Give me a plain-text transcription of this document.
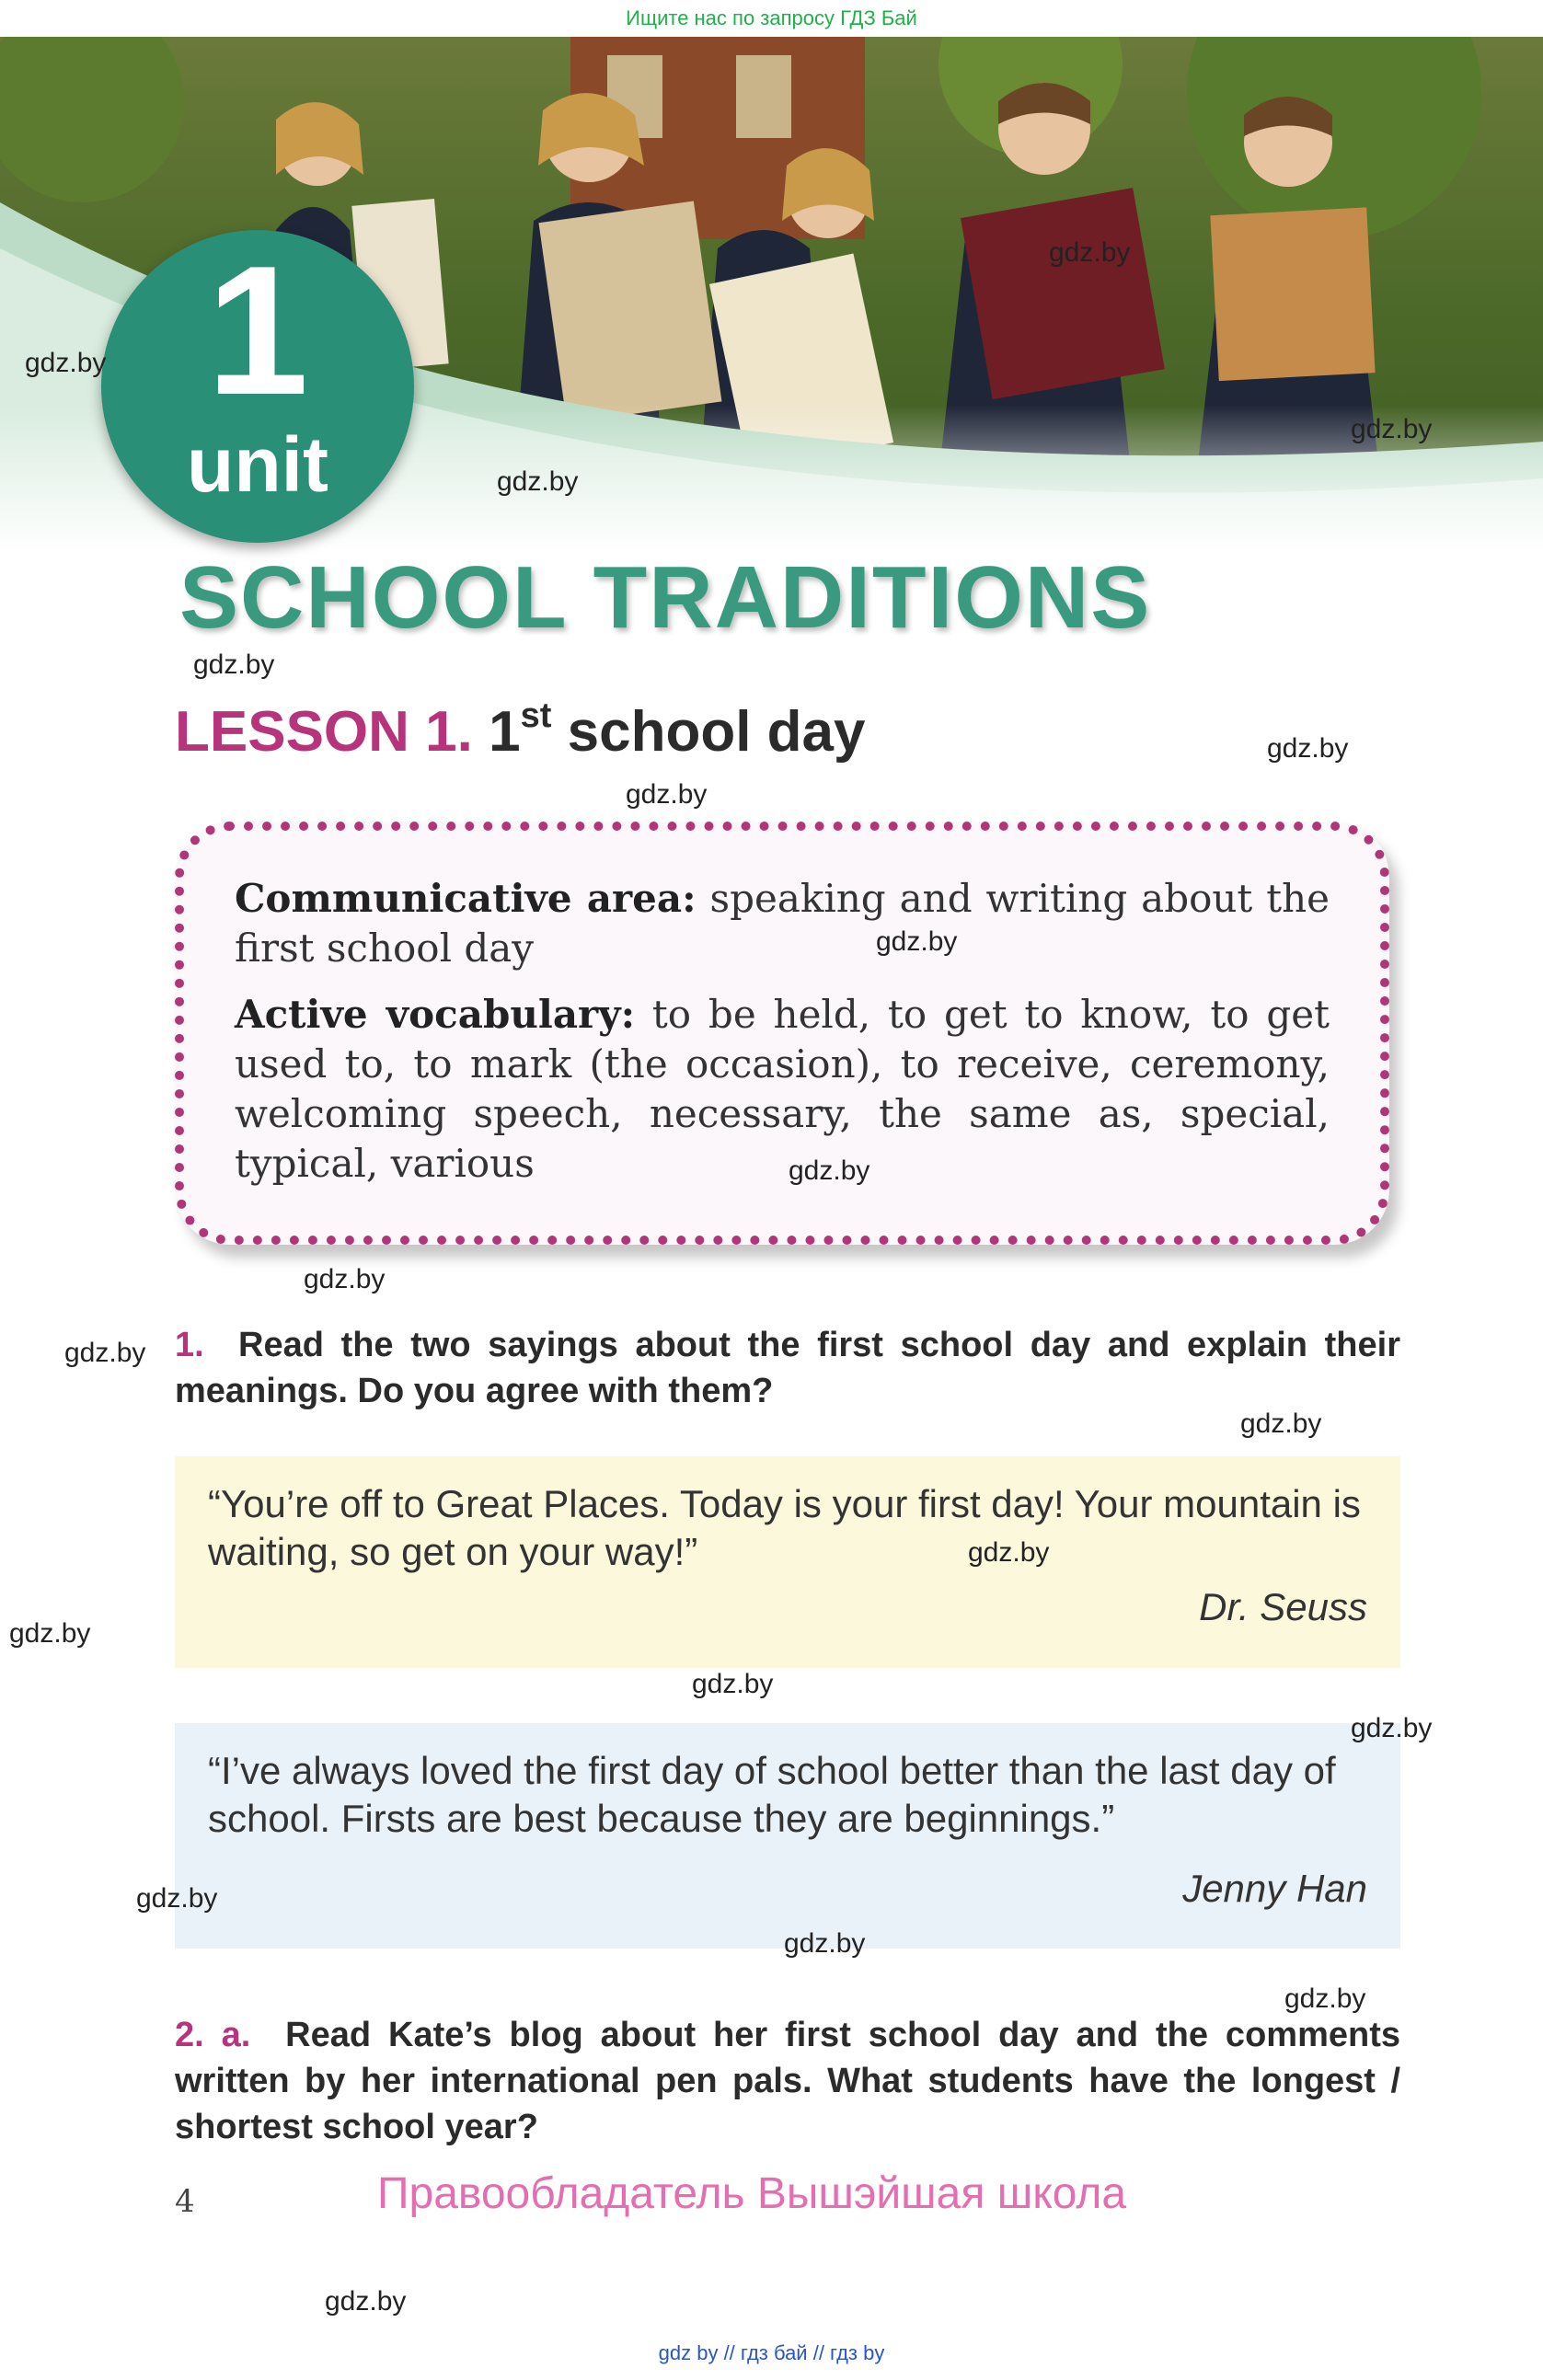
Ищите нас по запросу ГДЗ Бай
1
unit
SCHOOL TRADITIONS
LESSON 1. 1st school day

Communicative area: speaking and writing about the first school day

Active vocabulary: to be held, to get to know, to get used to, to mark (the occasion), to receive, ceremony, welcoming speech, necessary, the same as, special, typical, various

1. Read the two sayings about the first school day and explain their meanings. Do you agree with them?
“You’re off to Great Places. Today is your first day! Your mountain is waiting, so get on your way!”
Dr. Seuss
“I’ve always loved the first day of school better than the last day of school. Firsts are best because they are beginnings.”
Jenny Han
2. a. Read Kate’s blog about her first school day and the comments written by her international pen pals. What students have the longest / shortest school year?
4	Правообладатель Вышэйшая школа
gdz.by
gdz.by
gdz.by
gdz.by
gdz.by
gdz.by
gdz.by
gdz.by
gdz.by
gdz.by
gdz.by
gdz.by
gdz.by
gdz.by
gdz.by
gdz.by
gdz.by
gdz.by
gdz.by
gdz.by
gdz by // гдз бай // гдз by
